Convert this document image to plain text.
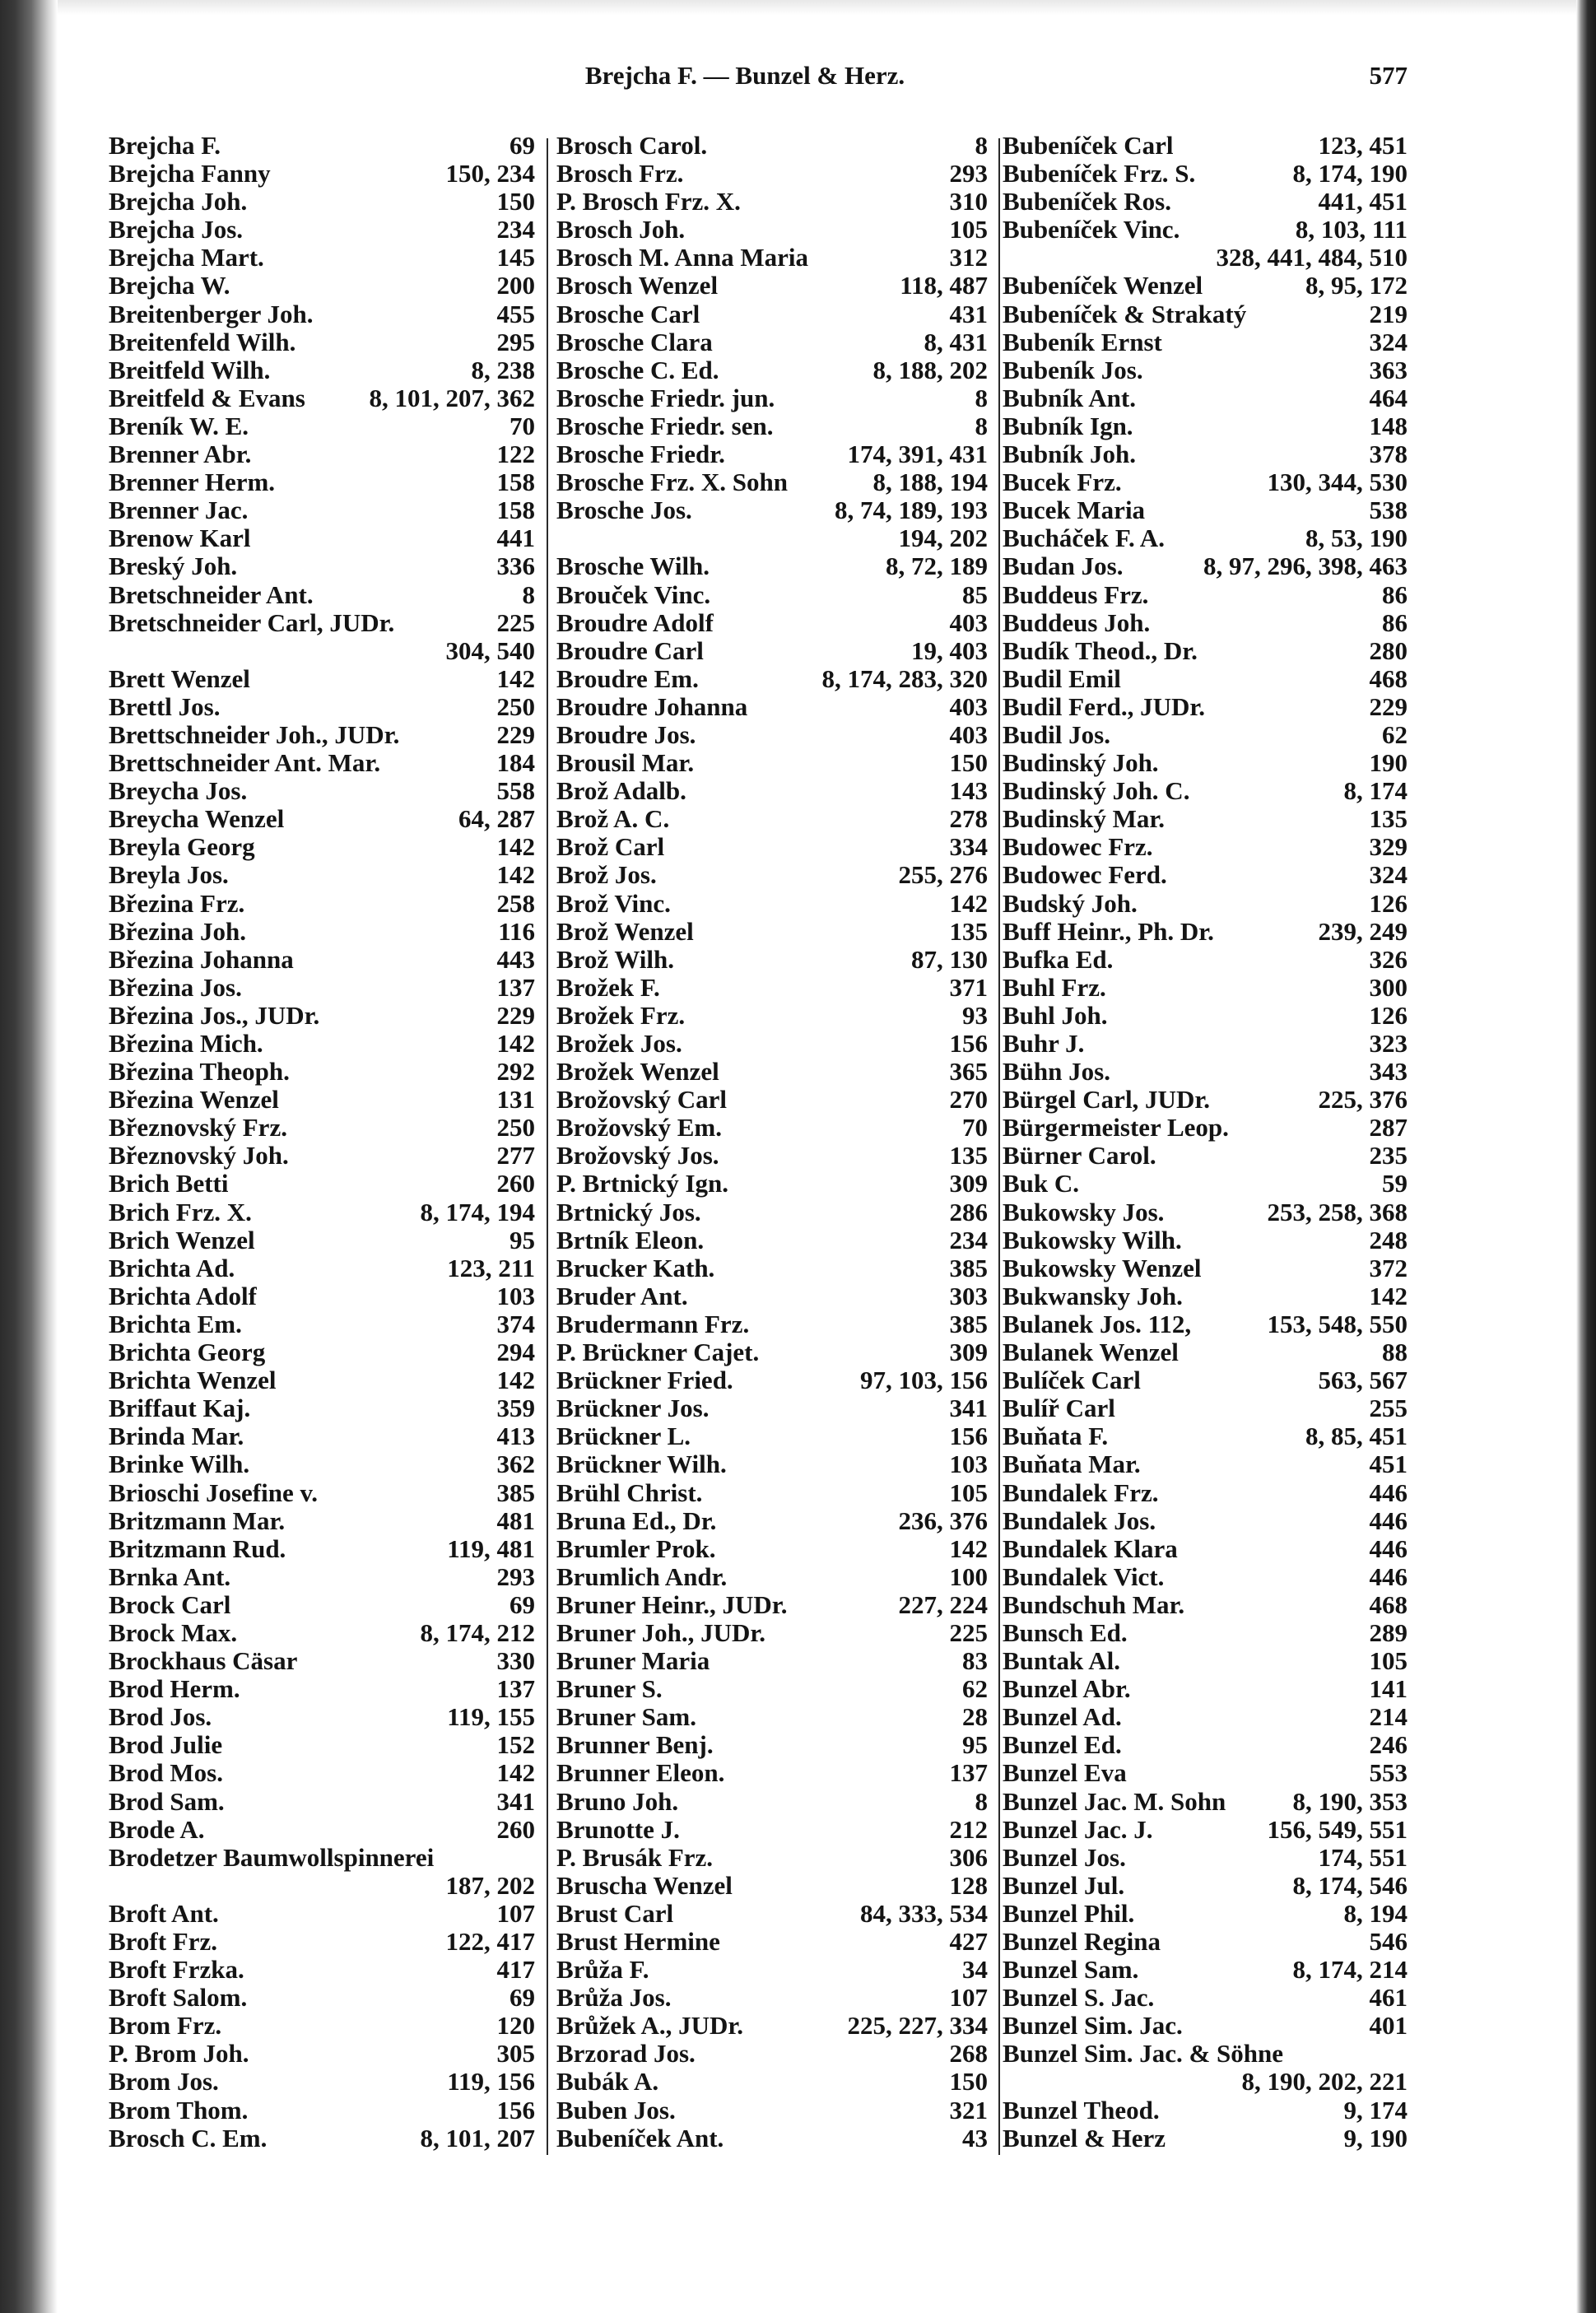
Brejcha F. — Bunzel & Herz.	577
Brejcha F.	69
Brejcha Fanny	150, 234
Brejcha Joh.	150
Brejcha Jos.	234
Brejcha Mart.	145
Brejcha W.	200
Breitenberger Joh.	455
Breitenfeld Wilh.	295
Breitfeld Wilh.	8, 238
Breitfeld & Evans	8, 101, 207, 362
Breník W. E.	70
Brenner Abr.	122
Brenner Herm.	158
Brenner Jac.	158
Brenow Karl	441
Breský Joh.	336
Bretschneider Ant.	8
Bretschneider Carl, JUDr.	225
304, 540
Brett Wenzel	142
Brettl Jos.	250
Brettschneider Joh., JUDr.	229
Brettschneider Ant. Mar.	184
Breycha Jos.	558
Breycha Wenzel	64, 287
Breyla Georg	142
Breyla Jos.	142
Březina Frz.	258
Březina Joh.	116
Březina Johanna	443
Březina Jos.	137
Březina Jos., JUDr.	229
Březina Mich.	142
Březina Theoph.	292
Březina Wenzel	131
Březnovský Frz.	250
Březnovský Joh.	277
Brich Betti	260
Brich Frz. X.	8, 174, 194
Brich Wenzel	95
Brichta Ad.	123, 211
Brichta Adolf	103
Brichta Em.	374
Brichta Georg	294
Brichta Wenzel	142
Briffaut Kaj.	359
Brinda Mar.	413
Brinke Wilh.	362
Brioschi Josefine v.	385
Britzmann Mar.	481
Britzmann Rud.	119, 481
Brnka Ant.	293
Brock Carl	69
Brock Max.	8, 174, 212
Brockhaus Cäsar	330
Brod Herm.	137
Brod Jos.	119, 155
Brod Julie	152
Brod Mos.	142
Brod Sam.	341
Brode A.	260
Brodetzer Baumwollspinnerei
187, 202
Broft Ant.	107
Broft Frz.	122, 417
Broft Frzka.	417
Broft Salom.	69
Brom Frz.	120
P. Brom Joh.	305
Brom Jos.	119, 156
Brom Thom.	156
Brosch C. Em.	8, 101, 207
Brosch Carol.	8
Brosch Frz.	293
P. Brosch Frz. X.	310
Brosch Joh.	105
Brosch M. Anna Maria	312
Brosch Wenzel	118, 487
Brosche Carl	431
Brosche Clara	8, 431
Brosche C. Ed.	8, 188, 202
Brosche Friedr. jun.	8
Brosche Friedr. sen.	8
Brosche Friedr.	174, 391, 431
Brosche Frz. X. Sohn	8, 188, 194
Brosche Jos.	8, 74, 189, 193
194, 202
Brosche Wilh.	8, 72, 189
Brouček Vinc.	85
Broudre Adolf	403
Broudre Carl	19, 403
Broudre Em.	8, 174, 283, 320
Broudre Johanna	403
Broudre Jos.	403
Brousil Mar.	150
Brož Adalb.	143
Brož A. C.	278
Brož Carl	334
Brož Jos.	255, 276
Brož Vinc.	142
Brož Wenzel	135
Brož Wilh.	87, 130
Brožek F.	371
Brožek Frz.	93
Brožek Jos.	156
Brožek Wenzel	365
Brožovský Carl	270
Brožovský Em.	70
Brožovský Jos.	135
P. Brtnický Ign.	309
Brtnický Jos.	286
Brtník Eleon.	234
Brucker Kath.	385
Bruder Ant.	303
Brudermann Frz.	385
P. Brückner Cajet.	309
Brückner Fried.	97, 103, 156
Brückner Jos.	341
Brückner L.	156
Brückner Wilh.	103
Brühl Christ.	105
Bruna Ed., Dr.	236, 376
Brumler Prok.	142
Brumlich Andr.	100
Bruner Heinr., JUDr.	227, 224
Bruner Joh., JUDr.	225
Bruner Maria	83
Bruner S.	62
Bruner Sam.	28
Brunner Benj.	95
Brunner Eleon.	137
Bruno Joh.	8
Brunotte J.	212
P. Brusák Frz.	306
Bruscha Wenzel	128
Brust Carl	84, 333, 534
Brust Hermine	427
Brůža F.	34
Brůža Jos.	107
Brůžek A., JUDr.	225, 227, 334
Brzorad Jos.	268
Bubák A.	150
Buben Jos.	321
Bubeníček Ant.	43
Bubeníček Carl	123, 451
Bubeníček Frz. S.	8, 174, 190
Bubeníček Ros.	441, 451
Bubeníček Vinc.	8, 103, 111
328, 441, 484, 510
Bubeníček Wenzel	8, 95, 172
Bubeníček & Strakatý	219
Bubeník Ernst	324
Bubeník Jos.	363
Bubník Ant.	464
Bubník Ign.	148
Bubník Joh.	378
Bucek Frz.	130, 344, 530
Bucek Maria	538
Bucháček F. A.	8, 53, 190
Budan Jos.	8, 97, 296, 398, 463
Buddeus Frz.	86
Buddeus Joh.	86
Budík Theod., Dr.	280
Budil Emil	468
Budil Ferd., JUDr.	229
Budil Jos.	62
Budinský Joh.	190
Budinský Joh. C.	8, 174
Budinský Mar.	135
Budowec Frz.	329
Budowec Ferd.	324
Budský Joh.	126
Buff Heinr., Ph. Dr.	239, 249
Bufka Ed.	326
Buhl Frz.	300
Buhl Joh.	126
Buhr J.	323
Bühn Jos.	343
Bürgel Carl, JUDr.	225, 376
Bürgermeister Leop.	287
Bürner Carol.	235
Buk C.	59
Bukowsky Jos.	253, 258, 368
Bukowsky Wilh.	248
Bukowsky Wenzel	372
Bukwansky Joh.	142
Bulanek Jos. 112,	153, 548, 550
Bulanek Wenzel	88
Bulíček Carl	563, 567
Bulíř Carl	255
Buňata F.	8, 85, 451
Buňata Mar.	451
Bundalek Frz.	446
Bundalek Jos.	446
Bundalek Klara	446
Bundalek Vict.	446
Bundschuh Mar.	468
Bunsch Ed.	289
Buntak Al.	105
Bunzel Abr.	141
Bunzel Ad.	214
Bunzel Ed.	246
Bunzel Eva	553
Bunzel Jac. M. Sohn	8, 190, 353
Bunzel Jac. J.	156, 549, 551
Bunzel Jos.	174, 551
Bunzel Jul.	8, 174, 546
Bunzel Phil.	8, 194
Bunzel Regina	546
Bunzel Sam.	8, 174, 214
Bunzel S. Jac.	461
Bunzel Sim. Jac.	401
Bunzel Sim. Jac. & Söhne
8, 190, 202, 221
Bunzel Theod.	9, 174
Bunzel & Herz	9, 190
